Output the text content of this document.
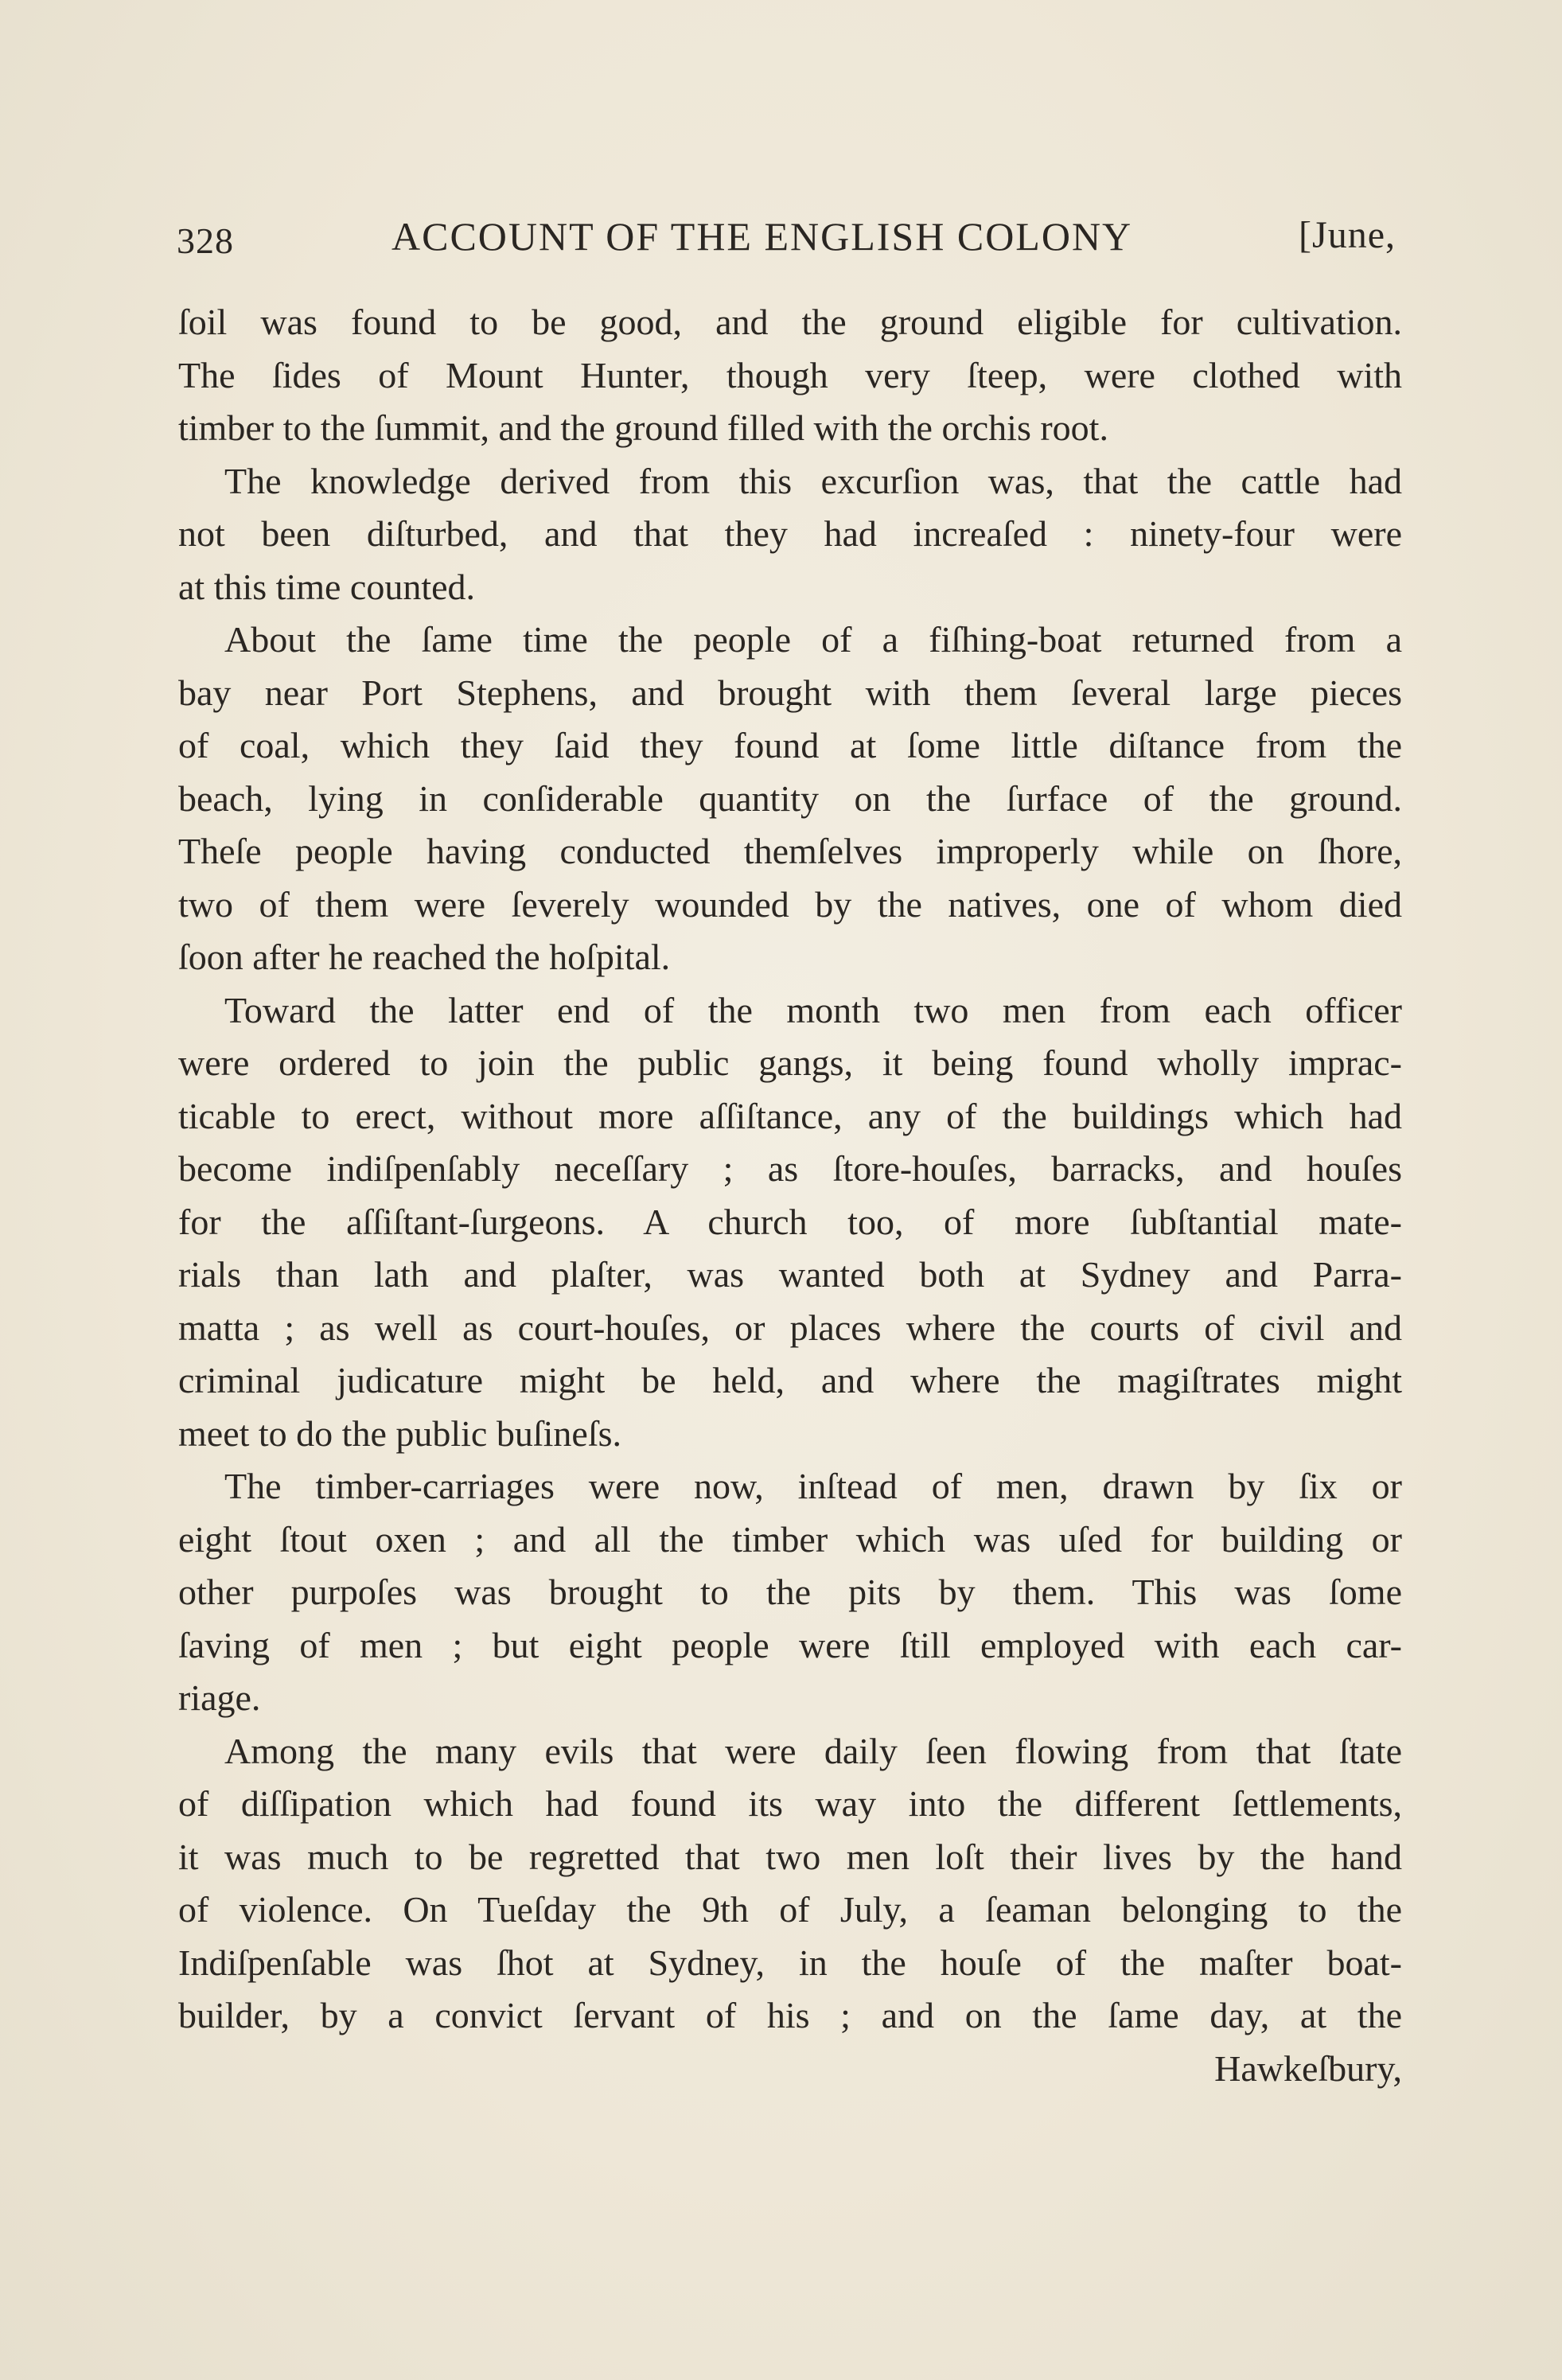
328	ACCOUNT OF THE ENGLISH COLONY	[June,
ſoil was found to be good, and the ground eligible for cultivation.
The ſides of Mount Hunter, though very ſteep, were clothed with
timber to the ſummit, and the ground filled with the orchis root.
The knowledge derived from this excurſion was, that the cattle had
not been diſturbed, and that they had increaſed : ninety-four were
at this time counted.
About the ſame time the people of a fiſhing-boat returned from a
bay near Port Stephens, and brought with them ſeveral large pieces
of coal, which they ſaid they found at ſome little diſtance from the
beach, lying in conſiderable quantity on the ſurface of the ground.
Theſe people having conducted themſelves improperly while on ſhore,
two of them were ſeverely wounded by the natives, one of whom died
ſoon after he reached the hoſpital.
Toward the latter end of the month two men from each officer
were ordered to join the public gangs, it being found wholly imprac-
ticable to erect, without more aſſiſtance, any of the buildings which had
become indiſpenſably neceſſary ; as ſtore-houſes, barracks, and houſes
for the aſſiſtant-ſurgeons. A church too, of more ſubſtantial mate-
rials than lath and plaſter, was wanted both at Sydney and Parra-
matta ; as well as court-houſes, or places where the courts of civil and
criminal judicature might be held, and where the magiſtrates might
meet to do the public buſineſs.
The timber-carriages were now, inſtead of men, drawn by ſix or
eight ſtout oxen ; and all the timber which was uſed for building or
other purpoſes was brought to the pits by them. This was ſome
ſaving of men ; but eight people were ſtill employed with each car-
riage.
Among the many evils that were daily ſeen flowing from that ſtate
of diſſipation which had found its way into the different ſettlements,
it was much to be regretted that two men loſt their lives by the hand
of violence. On Tueſday the 9th of July, a ſeaman belonging to the
Indiſpenſable was ſhot at Sydney, in the houſe of the maſter boat-
builder, by a convict ſervant of his ; and on the ſame day, at the
Hawkeſbury,
